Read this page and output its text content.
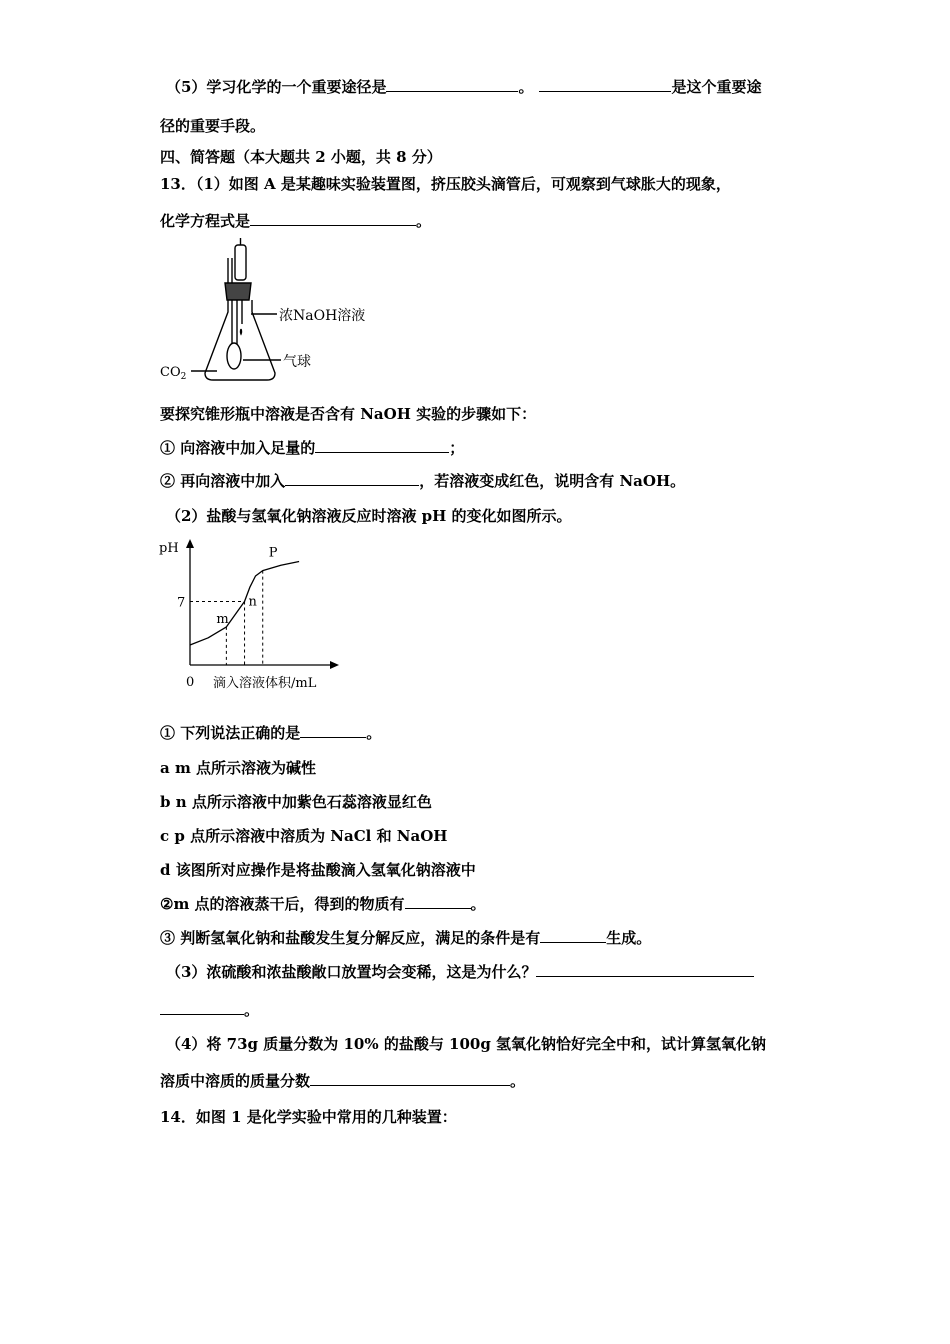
（5）学习化学的一个重要途径是	。	是这个重要途
径的重要手段。
四、简答题（本大题共 2 小题，共 8 分）
13．（1）如图 A 是某趣味实验装置图，挤压胶头滴管后，可观察到气球胀大的现象，
化学方程式是	。
浓NaOH溶液
气球
$CO_2$
要探究锥形瓶中溶液是否含有 NaOH 实验的步骤如下：
① 向溶液中加入足量的	；
② 再向溶液中加入	，若溶液变成红色，说明含有 NaOH。
（2）盐酸与氢氧化钠溶液反应时溶液 pH 的变化如图所示。
pH
7
0 滴入溶液体积/mL
m
n
P
① 下列说法正确的是	。
a m 点所示溶液为碱性
b n 点所示溶液中加紫色石蕊溶液显红色
c p 点所示溶液中溶质为 NaCl 和 NaOH
d 该图所对应操作是将盐酸滴入氢氧化钠溶液中
②m 点的溶液蒸干后，得到的物质有	。
③ 判断氢氧化钠和盐酸发生复分解反应，满足的条件是有	生成。
（3）浓硫酸和浓盐酸敞口放置均会变稀，这是为什么？
。
（4）将 73g 质量分数为 10% 的盐酸与 100g 氢氧化钠恰好完全中和，试计算氢氧化钠
溶质中溶质的质量分数	。
14．如图 1 是化学实验中常用的几种装置：
